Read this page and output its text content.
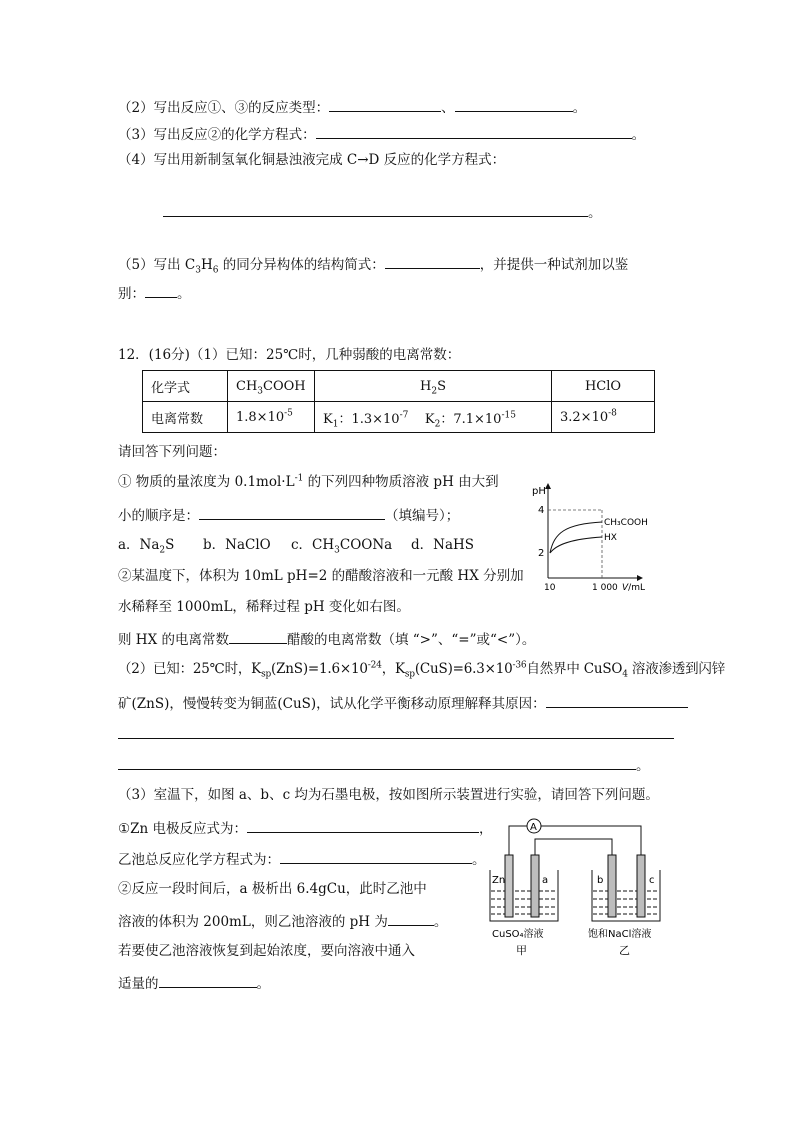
（2）写出反应①、③的反应类型：	、	。
（3）写出反应②的化学方程式：	。
（4）写出用新制氢氧化铜悬浊液完成 C→D 反应的化学方程式：
。
（5）写出 $C_3H_6$ 的同分异构体的结构简式：	，并提供一种试剂加以鉴
别： 。
12．(16分)（1）已知：25℃时，几种弱酸的电离常数：
化学式	$CH_3COOH$	$H_2S$	HClO
电离常数	$1.8\times 10^{-5}$	$K_1$：$1.3\times 10^{-7}$ $K_2$：$7.1\times 10^{-15}$	$3.2\times 10^{-8}$
请回答下列问题：
① 物质的量浓度为 $0.1mol\cdot L^{-1}$ 的下列四种物质溶液 pH 由大到
小的顺序是：	（填编号）；
a．$Na_2S$ b．NaClO c．$CH_3COONa$ d．NaHS
②某温度下，体积为 10mL pH=2 的醋酸溶液和一元酸 HX 分别加
水稀释至 1000mL，稀释过程 pH 变化如右图。
则 HX 的电离常数	醋酸的电离常数（填 “>”、“=”或“<”）。
pH
4
2
CH₃COOH
HX
10	1 000 V/mL
（2）已知：25℃时，$K_{sp}(ZnS)=1.6\times 10^{-24}$，$K_{sp}(CuS)=6.3\times 10^{-36}$自然界中 CuSO$_4$ 溶液渗透到闪锌
矿(ZnS)，慢慢转变为铜蓝(CuS)，试从化学平衡移动原理解释其原因：
。
（3）室温下，如图 a、b、c 均为石墨电极，按如图所示装置进行实验，请回答下列问题。
①Zn 电极反应式为：	，
乙池总反应化学方程式为：	。
②反应一段时间后，a 极析出 6.4gCu，此时乙池中
溶液的体积为 200mL，则乙池溶液的 pH 为	。
若要使乙池溶液恢复到起始浓度，要向溶液中通入
适量的	。
A
Zn	a
CuSO₄溶液
甲
b	c
饱和NaCl溶液
乙
